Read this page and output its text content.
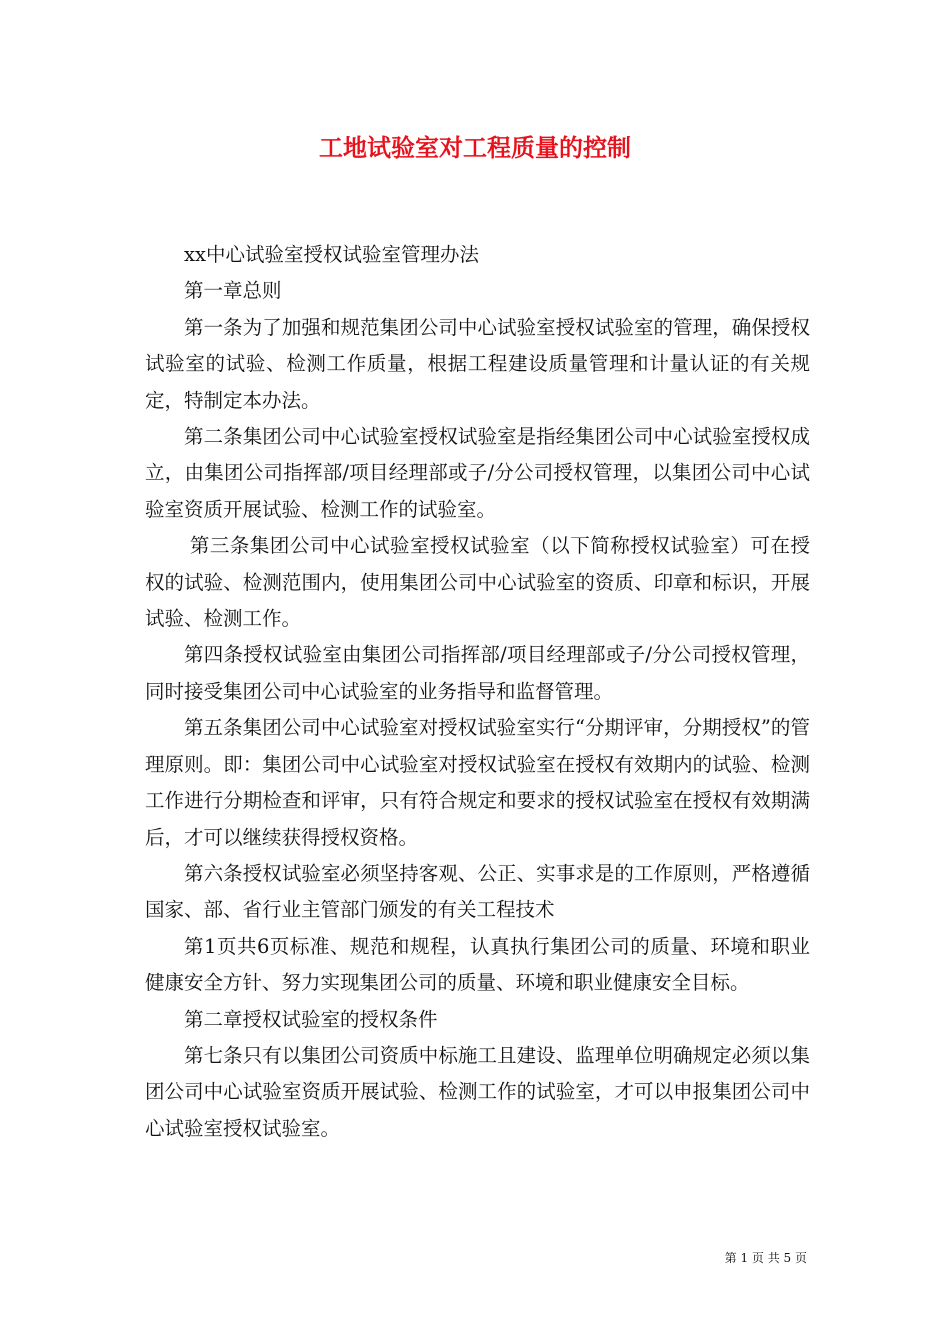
工地试验室对工程质量的控制

xx中心试验室授权试验室管理办法

第一章总则

第一条为了加强和规范集团公司中心试验室授权试验室的管理，确保授权试验室的试验、检测工作质量，根据工程建设质量管理和计量认证的有关规定，特制定本办法。

第二条集团公司中心试验室授权试验室是指经集团公司中心试验室授权成立，由集团公司指挥部/项目经理部或子/分公司授权管理，以集团公司中心试验室资质开展试验、检测工作的试验室。

第三条集团公司中心试验室授权试验室（以下简称授权试验室）可在授权的试验、检测范围内，使用集团公司中心试验室的资质、印章和标识，开展试验、检测工作。

第四条授权试验室由集团公司指挥部/项目经理部或子/分公司授权管理，同时接受集团公司中心试验室的业务指导和监督管理。

第五条集团公司中心试验室对授权试验室实行“分期评审，分期授权”的管理原则。即：集团公司中心试验室对授权试验室在授权有效期内的试验、检测工作进行分期检查和评审，只有符合规定和要求的授权试验室在授权有效期满后，才可以继续获得授权资格。

第六条授权试验室必须坚持客观、公正、实事求是的工作原则，严格遵循国家、部、省行业主管部门颁发的有关工程技术

第1页共6页标准、规范和规程，认真执行集团公司的质量、环境和职业健康安全方针、努力实现集团公司的质量、环境和职业健康安全目标。

第二章授权试验室的授权条件

第七条只有以集团公司资质中标施工且建设、监理单位明确规定必须以集团公司中心试验室资质开展试验、检测工作的试验室，才可以申报集团公司中心试验室授权试验室。

第 1 页 共 5 页
